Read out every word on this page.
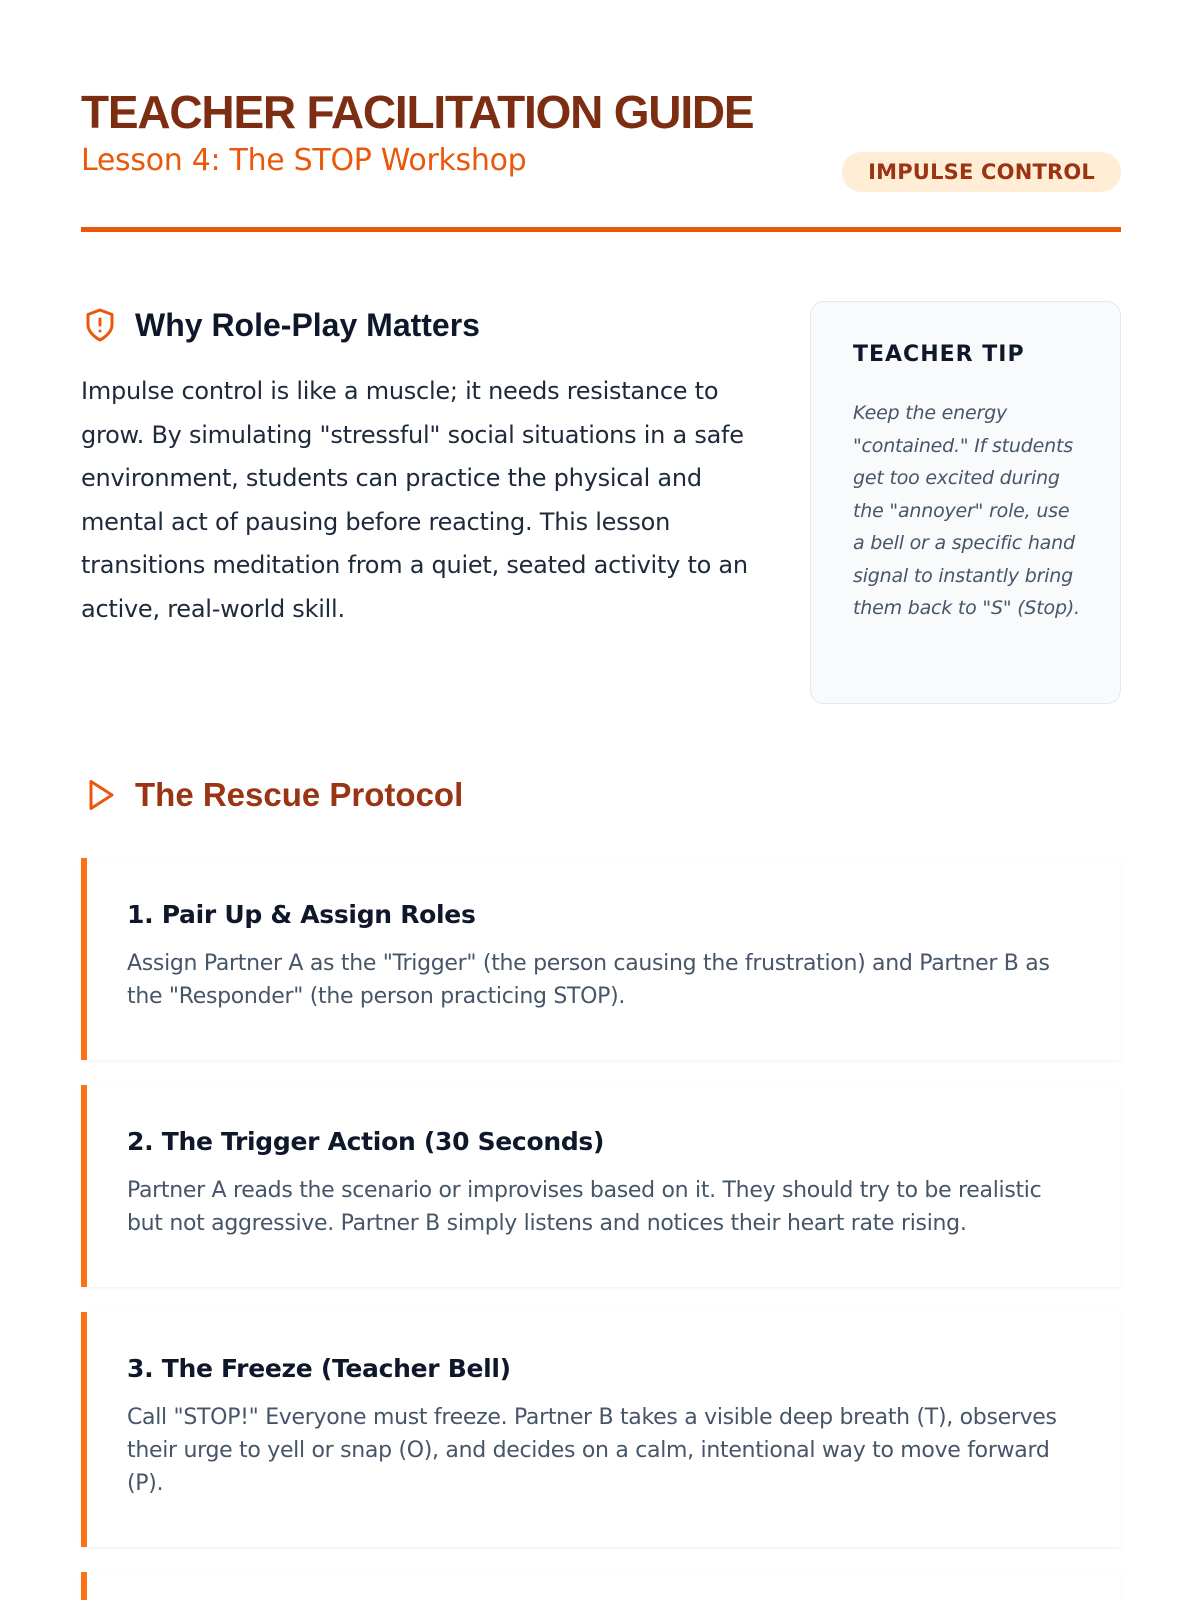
TEACHER FACILITATION GUIDE
Lesson 4: The STOP Workshop	IMPULSE CONTROL
Why Role-Play Matters

Impulse control is like a muscle; it needs resistance to grow. By simulating "stressful" social situations in a safe environment, students can practice the physical and mental act of pausing before reacting. This lesson transitions meditation from a quiet, seated activity to an active, real-world skill.

TEACHER TIP

Keep the energy "contained." If students get too excited during the "annoyer" role, use a bell or a specific hand signal to instantly bring them back to "S" (Stop).

The Rescue Protocol
1. Pair Up & Assign Roles

Assign Partner A as the "Trigger" (the person causing the frustration) and Partner B as the "Responder" (the person practicing STOP).

2. The Trigger Action (30 Seconds)

Partner A reads the scenario or improvises based on it. They should try to be realistic but not aggressive. Partner B simply listens and notices their heart rate rising.

3. The Freeze (Teacher Bell)

Call "STOP!" Everyone must freeze. Partner B takes a visible deep breath (T), observes their urge to yell or snap (O), and decides on a calm, intentional way to move forward (P).
